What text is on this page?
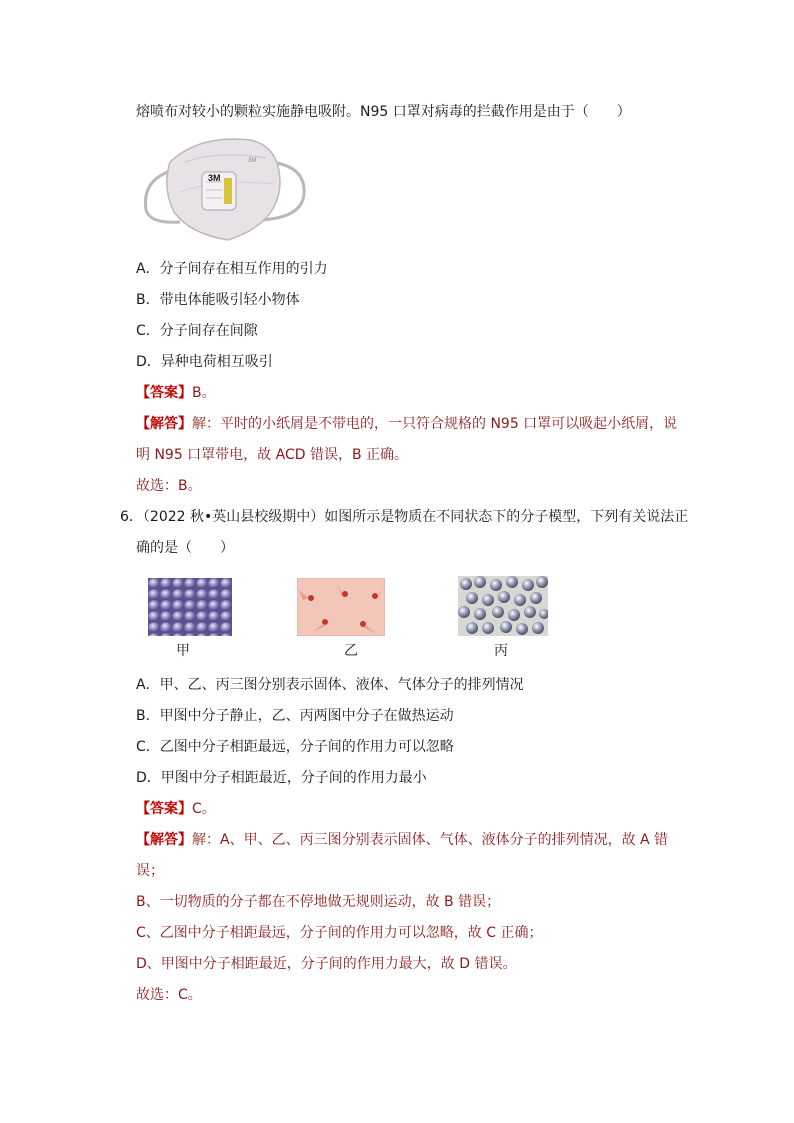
熔喷布对较小的颗粒实施静电吸附。N95 口罩对病毒的拦截作用是由于（　　）
3M
3M
A．分子间存在相互作用的引力
B．带电体能吸引轻小物体
C．分子间存在间隙
D．异种电荷相互吸引
【答案】B。
【解答】解：平时的小纸屑是不带电的，一只符合规格的 N95 口罩可以吸起小纸屑，说
明 N95 口罩带电，故 ACD 错误，B 正确。
故选：B。
6．（2022 秋•英山县校级期中）如图所示是物质在不同状态下的分子模型，下列有关说法正
确的是（　　）
甲	乙	丙
A．甲、乙、丙三图分别表示固体、液体、气体分子的排列情况
B．甲图中分子静止，乙、丙两图中分子在做热运动
C．乙图中分子相距最远，分子间的作用力可以忽略
D．甲图中分子相距最近，分子间的作用力最小
【答案】C。
【解答】解：A、甲、乙、丙三图分别表示固体、气体、液体分子的排列情况，故 A 错
误；
B、一切物质的分子都在不停地做无规则运动，故 B 错误；
C、乙图中分子相距最远，分子间的作用力可以忽略，故 C 正确；
D、甲图中分子相距最近，分子间的作用力最大，故 D 错误。
故选：C。
